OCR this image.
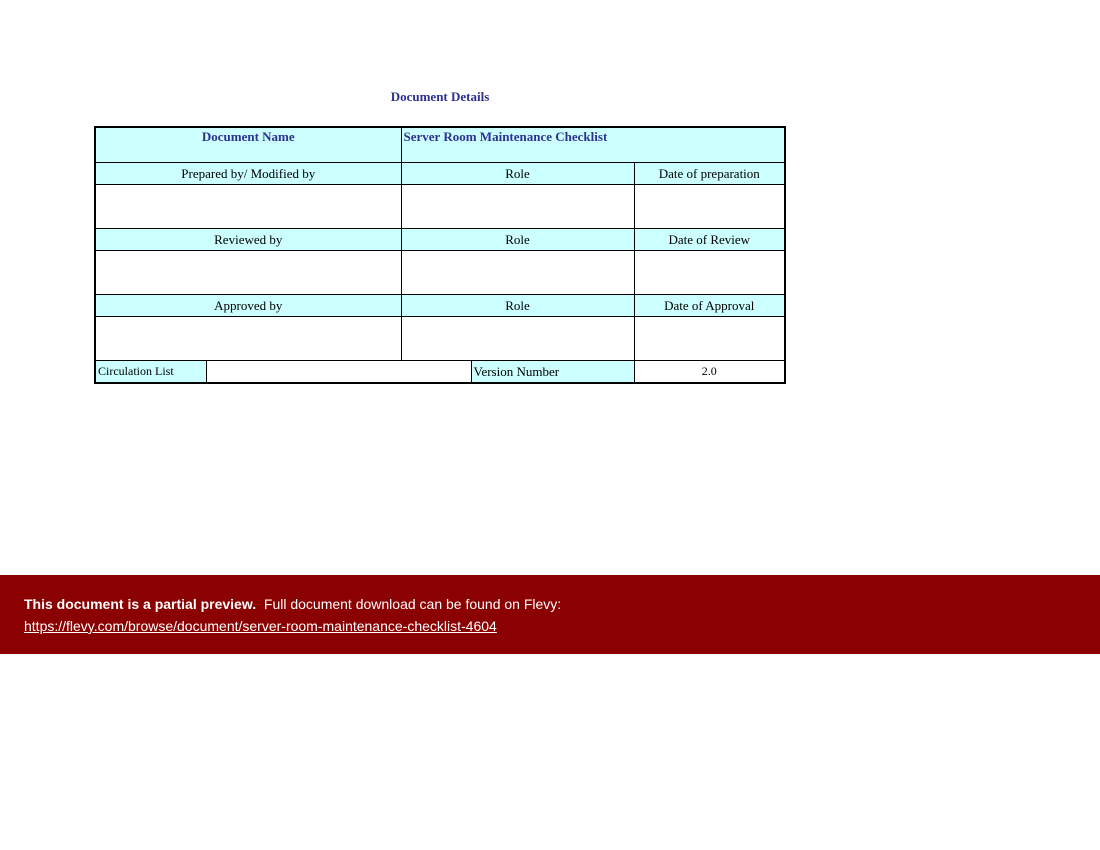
Document Details
Document Name		Server Room Maintenance Checklist		
Prepared by/ Modified by		Role		Date of preparation

Reviewed by		Role		Date of Review

Approved by		Role		Date of Approval

Circulation List			Version Number	2.0
This document is a partial preview. Full document download can be found on Flevy:
https://flevy.com/browse/document/server-room-maintenance-checklist-4604
